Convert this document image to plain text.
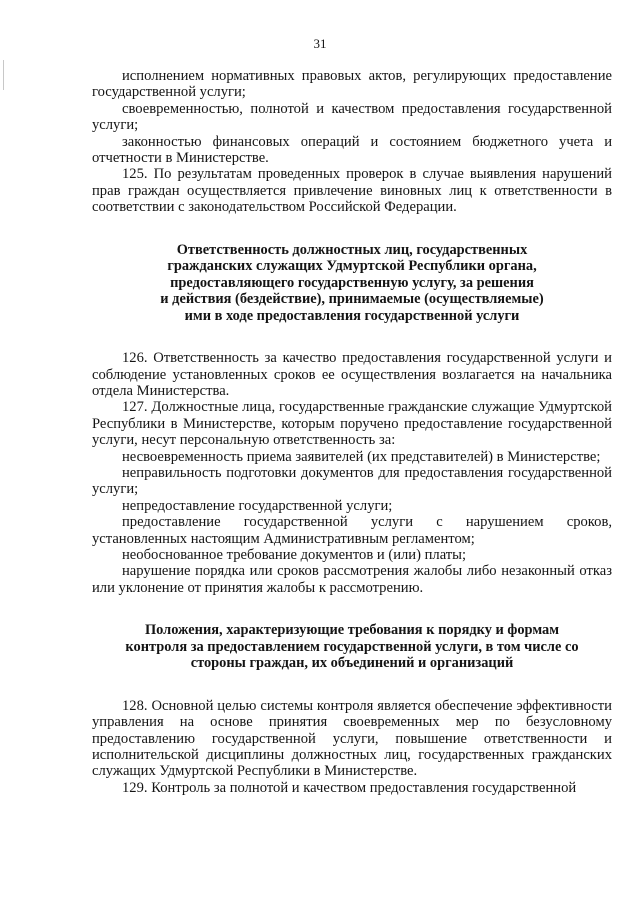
31

исполнением нормативных правовых актов, регулирующих предоставление государственной услуги;

своевременностью, полнотой и качеством предоставления государственной услуги;

законностью финансовых операций и состоянием бюджетного учета и отчетности в Министерстве.

125. По результатам проведенных проверок в случае выявления нарушений прав граждан осуществляется привлечение виновных лиц к ответственности в соответствии с законодательством Российской Федерации.

Ответственность должностных лиц, государственных

гражданских служащих Удмуртской Республики органа,

предоставляющего государственную услугу, за решения

и действия (бездействие), принимаемые (осуществляемые)

ими в ходе предоставления государственной услуги

126. Ответственность за качество предоставления государственной услуги и соблюдение установленных сроков ее осуществления возлагается на начальника отдела Министерства.

127. Должностные лица, государственные гражданские служащие Удмуртской Республики в Министерстве, которым поручено предоставление государственной услуги, несут персональную ответственность за:

несвоевременность приема заявителей (их представителей) в Министерстве;

неправильность подготовки документов для предоставления государственной услуги;

непредоставление государственной услуги;

предоставление государственной услуги с нарушением сроков, установленных настоящим Административным регламентом;

необоснованное требование документов и (или) платы;

нарушение порядка или сроков рассмотрения жалобы либо незаконный отказ или уклонение от принятия жалобы к рассмотрению.

Положения, характеризующие требования к порядку и формам

контроля за предоставлением государственной услуги, в том числе со

стороны граждан, их объединений и организаций

128. Основной целью системы контроля является обеспечение эффективности управления на основе принятия своевременных мер по безусловному предоставлению государственной услуги, повышение ответственности и исполнительской дисциплины должностных лиц, государственных гражданских служащих Удмуртской Республики в Министерстве.

129. Контроль за полнотой и качеством предоставления государственной
